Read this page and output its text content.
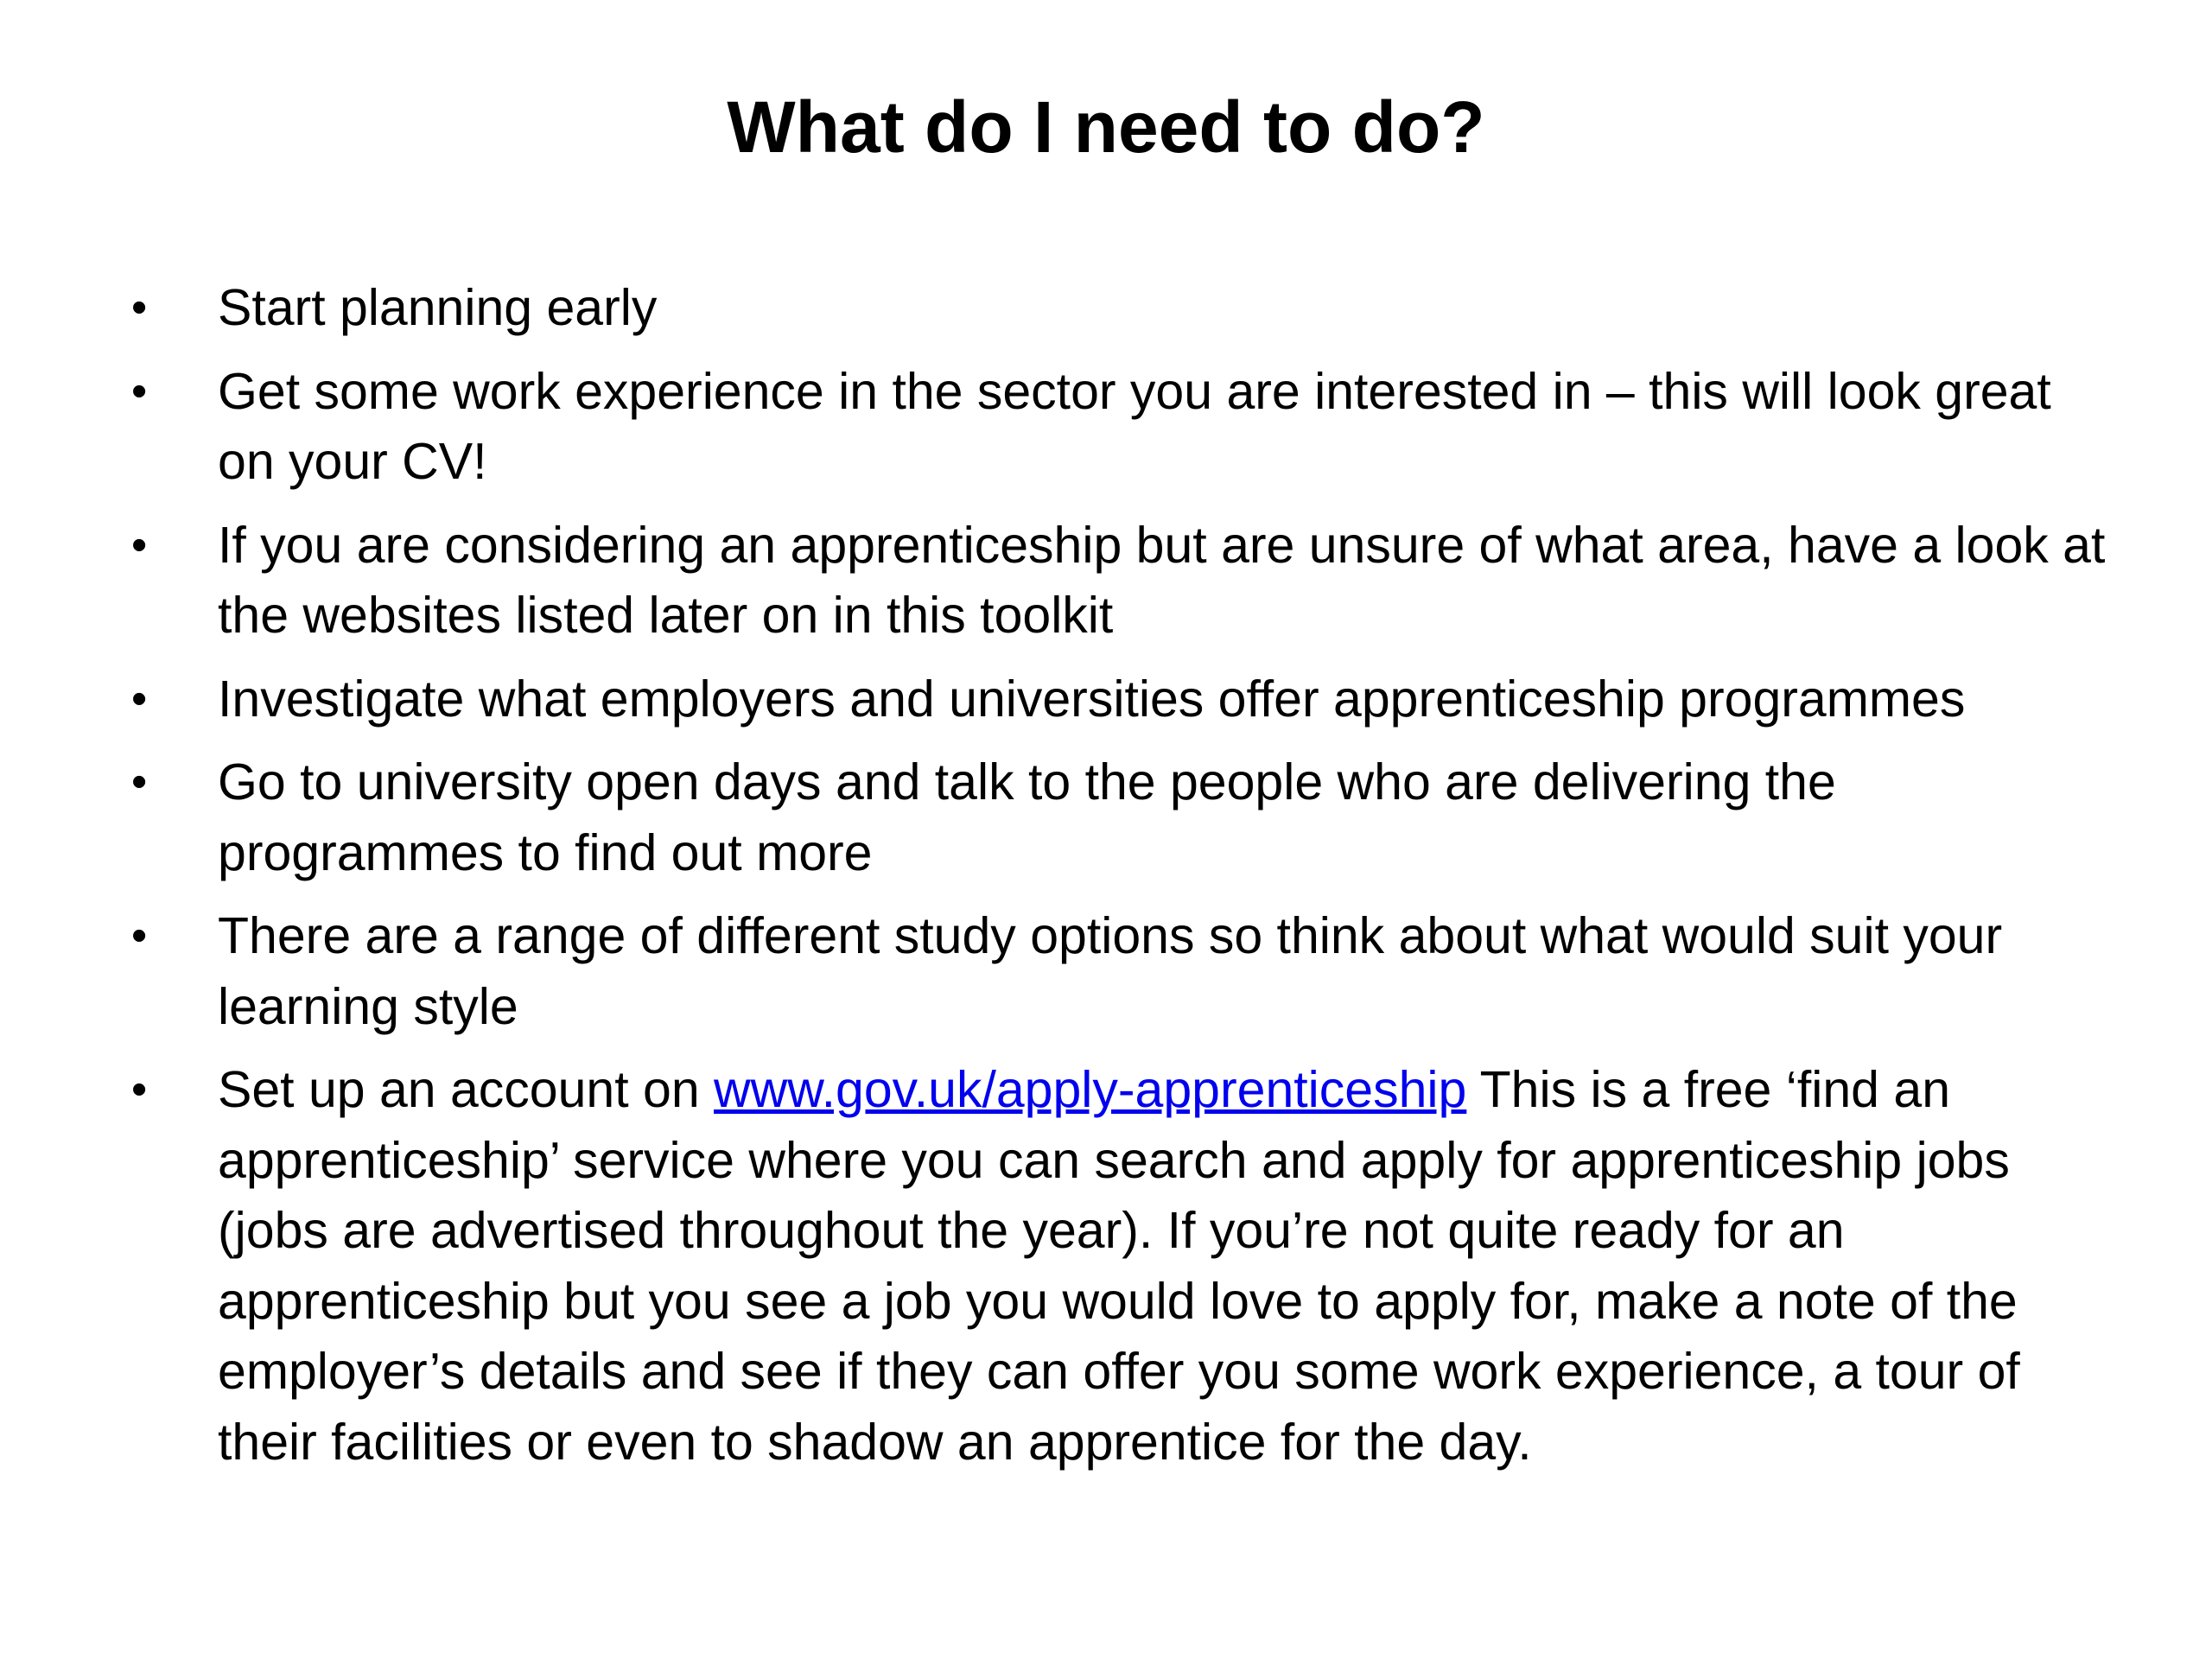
What do I need to do?
•	Start planning early
•	Get some work experience in the sector you are interested in – this will look great on your CV!
•	If you are considering an apprenticeship but are unsure of what area, have a look at the websites listed later on in this toolkit
•	Investigate what employers and universities offer apprenticeship programmes
•	Go to university open days and talk to the people who are delivering the programmes to find out more
•	There are a range of different study options so think about what would suit your learning style
•	Set up an account on www.gov.uk/apply-apprenticeship This is a free ‘find an apprenticeship’ service where you can search and apply for apprenticeship jobs (jobs are advertised throughout the year). If you’re not quite ready for an apprenticeship but you see a job you would love to apply for, make a note of the employer’s details and see if they can offer you some work experience, a tour of their facilities or even to shadow an apprentice for the day.
